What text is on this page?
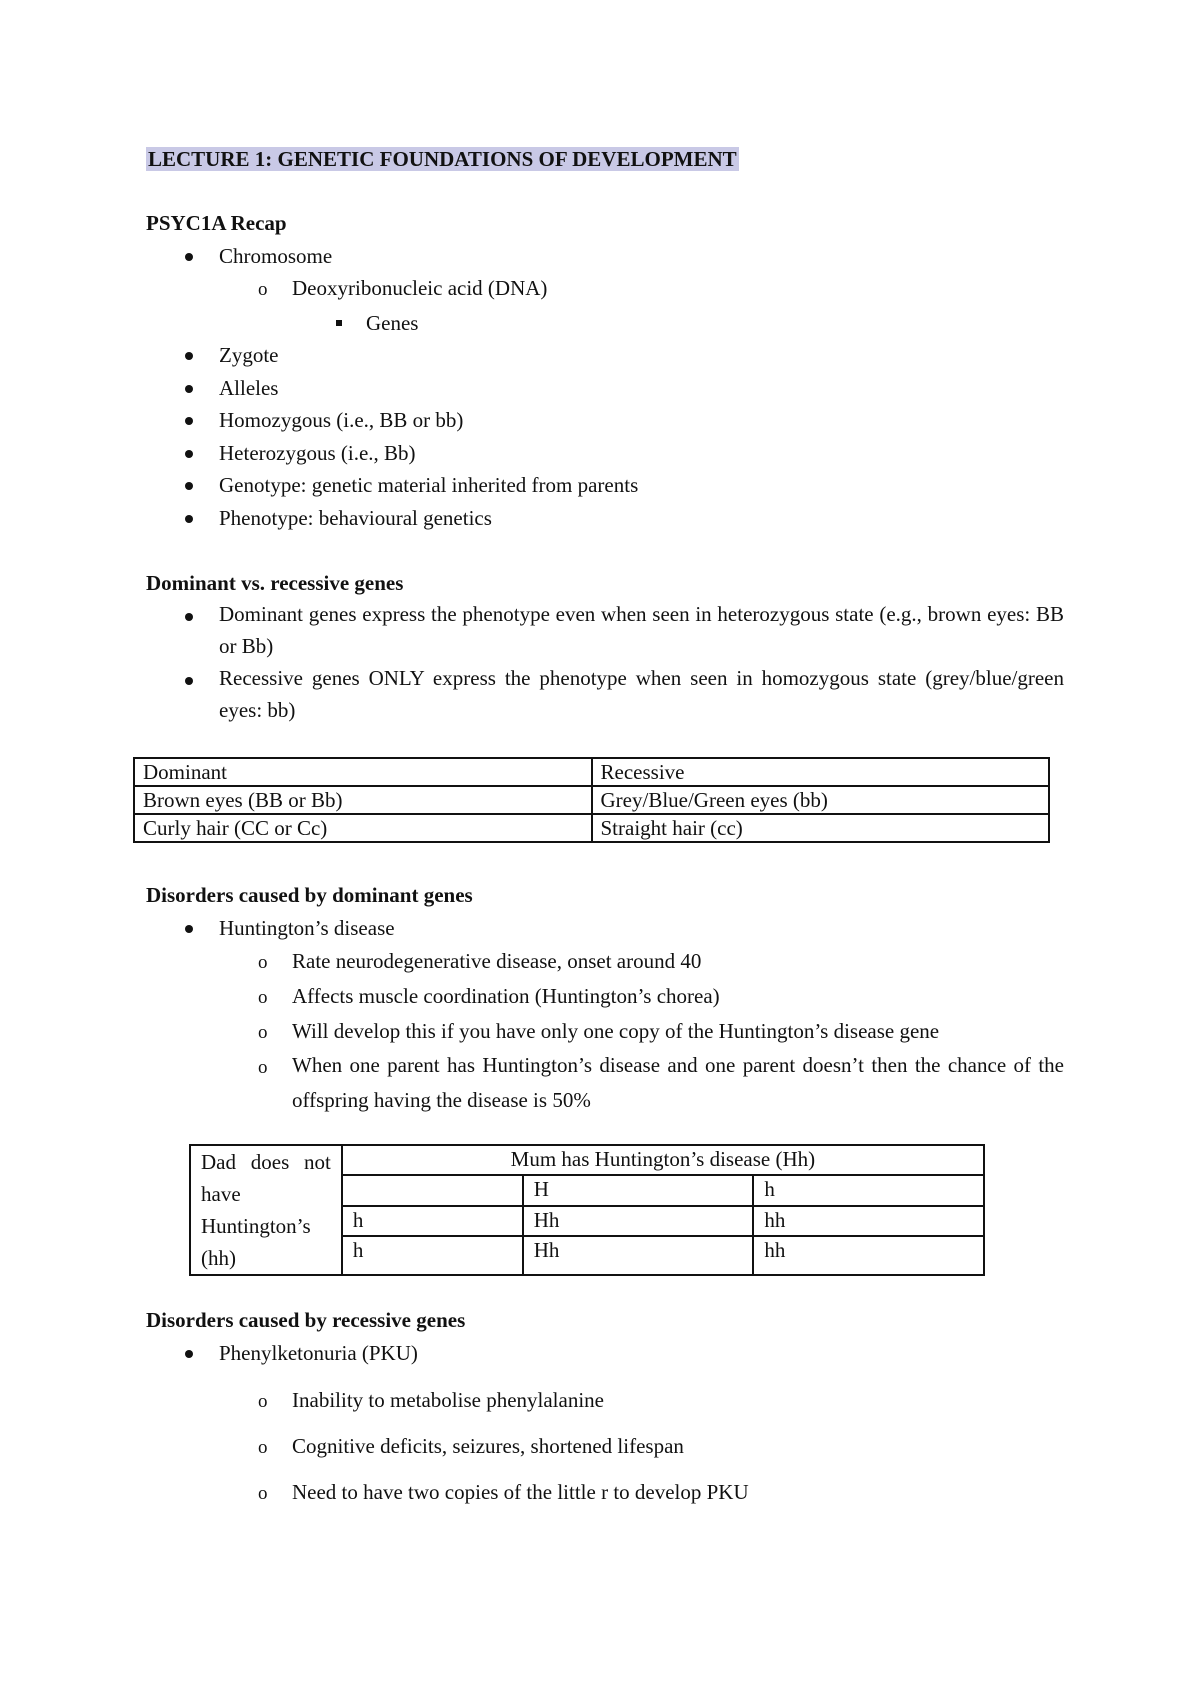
LECTURE 1: GENETIC FOUNDATIONS OF DEVELOPMENT
PSYC1A Recap
Chromosome
o Deoxyribonucleic acid (DNA)
Genes
Zygote
Alleles
Homozygous (i.e., BB or bb)
Heterozygous (i.e., Bb)
Genotype: genetic material inherited from parents
Phenotype: behavioural genetics
Dominant vs. recessive genes
Dominant genes express the phenotype even when seen in heterozygous state (e.g., brown eyes: BB or Bb)
Recessive genes ONLY express the phenotype when seen in homozygous state (grey/blue/green eyes: bb)
Dominant	Recessive
Brown eyes (BB or Bb)	Grey/Blue/Green eyes (bb)
Curly hair (CC or Cc)	Straight hair (cc)
Disorders caused by dominant genes
Huntington’s disease
o Rate neurodegenerative disease, onset around 40
o Affects muscle coordination (Huntington’s chorea)
o Will develop this if you have only one copy of the Huntington’s disease gene
o When one parent has Huntington’s disease and one parent doesn’t then the chance of the offspring having the disease is 50%
Dad does not have Huntington’s (hh)	Mum has Huntington’s disease (Hh)		
		H	h
	h	Hh	hh
	h	Hh	hh
Disorders caused by recessive genes
Phenylketonuria (PKU)
o Inability to metabolise phenylalanine
o Cognitive deficits, seizures, shortened lifespan
o Need to have two copies of the little r to develop PKU
